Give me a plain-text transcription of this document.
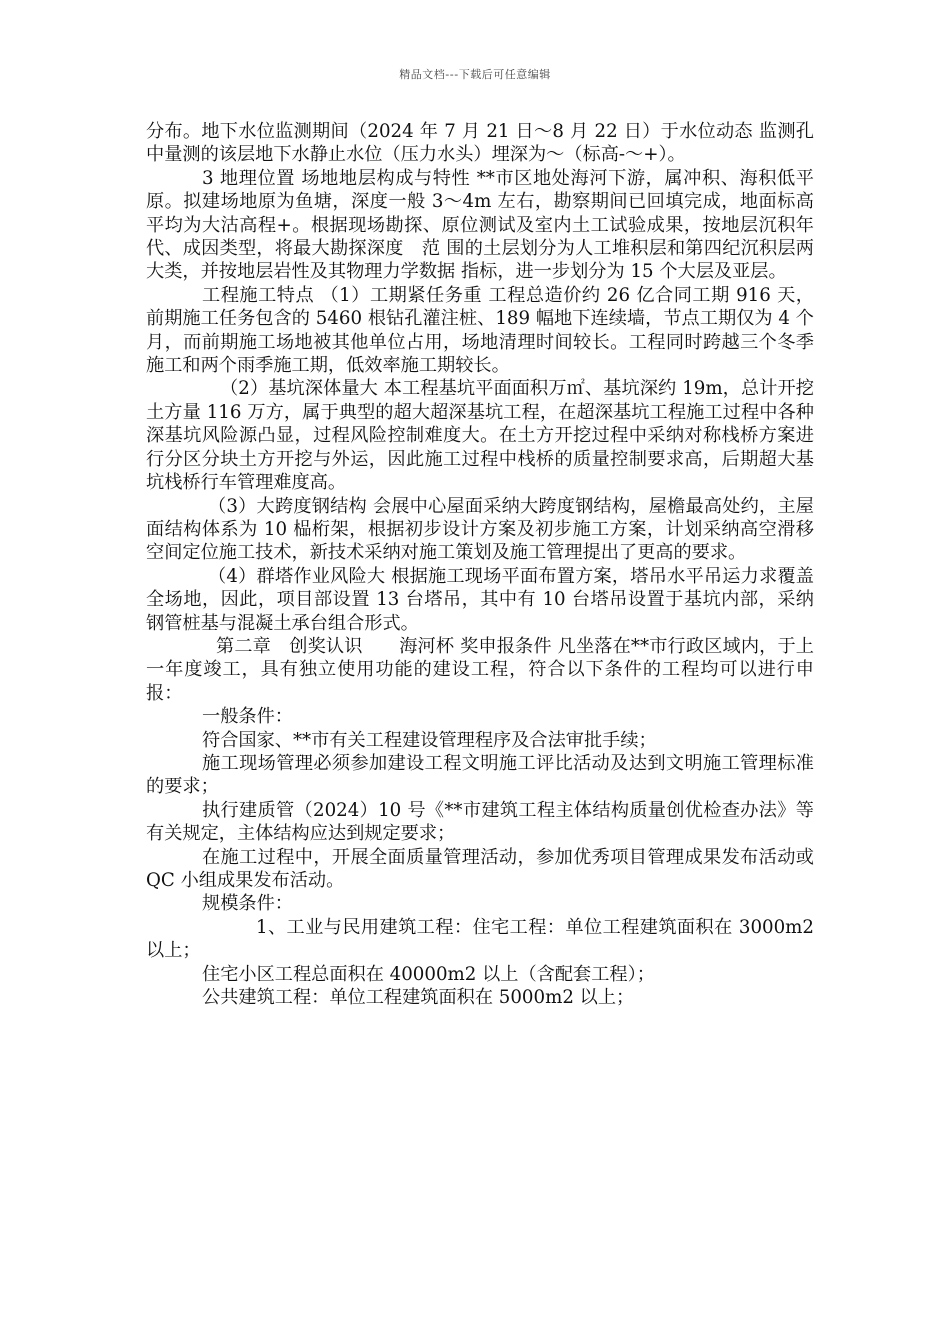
精品文档---下载后可任意编辑

分布。地下水位监测期间（2024 年 7 月 21 日～8 月 22 日）于水位动态 监测孔中量测的该层地下水静止水位（压力水头）埋深为～（标高-～+）。

3 地理位置 场地地层构成与特性 **市区地处海河下游，属冲积、海积低平原。拟建场地原为鱼塘，深度一般 3～4m 左右，勘察期间已回填完成，地面标高平均为大沽高程+。根据现场勘探、原位测试及室内土工试验成果，按地层沉积年代、成因类型，将最大勘探深度　范 围的土层划分为人工堆积层和第四纪沉积层两大类，并按地层岩性及其物理力学数据 指标，进一步划分为 15 个大层及亚层。

工程施工特点 （1）工期紧任务重 工程总造价约 26 亿合同工期 916 天，前期施工任务包含的 5460 根钻孔灌注桩、189 幅地下连续墙，节点工期仅为 4 个月，而前期施工场地被其他单位占用，场地清理时间较长。工程同时跨越三个冬季施工和两个雨季施工期，低效率施工期较长。

（2）基坑深体量大 本工程基坑平面面积万㎡、基坑深约 19m，总计开挖土方量 116 万方，属于典型的超大超深基坑工程，在超深基坑工程施工过程中各种深基坑风险源凸显，过程风险控制难度大。在土方开挖过程中采纳对称栈桥方案进行分区分块土方开挖与外运，因此施工过程中栈桥的质量控制要求高，后期超大基坑栈桥行车管理难度高。

（3）大跨度钢结构 会展中心屋面采纳大跨度钢结构，屋檐最高处约，主屋面结构体系为 10 榀桁架，根据初步设计方案及初步施工方案，计划采纳高空滑移空间定位施工技术，新技术采纳对施工策划及施工管理提出了更高的要求。

（4）群塔作业风险大 根据施工现场平面布置方案，塔吊水平吊运力求覆盖全场地，因此，项目部设置 13 台塔吊，其中有 10 台塔吊设置于基坑内部，采纳钢管桩基与混凝土承台组合形式。

第二章　创奖认识　　海河杯 奖申报条件 凡坐落在**市行政区域内，于上一年度竣工，具有独立使用功能的建设工程，符合以下条件的工程均可以进行申报：

一般条件：

符合国家、**市有关工程建设管理程序及合法审批手续；

施工现场管理必须参加建设工程文明施工评比活动及达到文明施工管理标准的要求；

执行建质管（2024）10 号《**市建筑工程主体结构质量创优检查办法》等有关规定，主体结构应达到规定要求；

在施工过程中，开展全面质量管理活动，参加优秀项目管理成果发布活动或 QC 小组成果发布活动。

规模条件：

1、工业与民用建筑工程：住宅工程：单位工程建筑面积在 3000m2 以上；

住宅小区工程总面积在 40000m2 以上（含配套工程）；

公共建筑工程：单位工程建筑面积在 5000m2 以上；
